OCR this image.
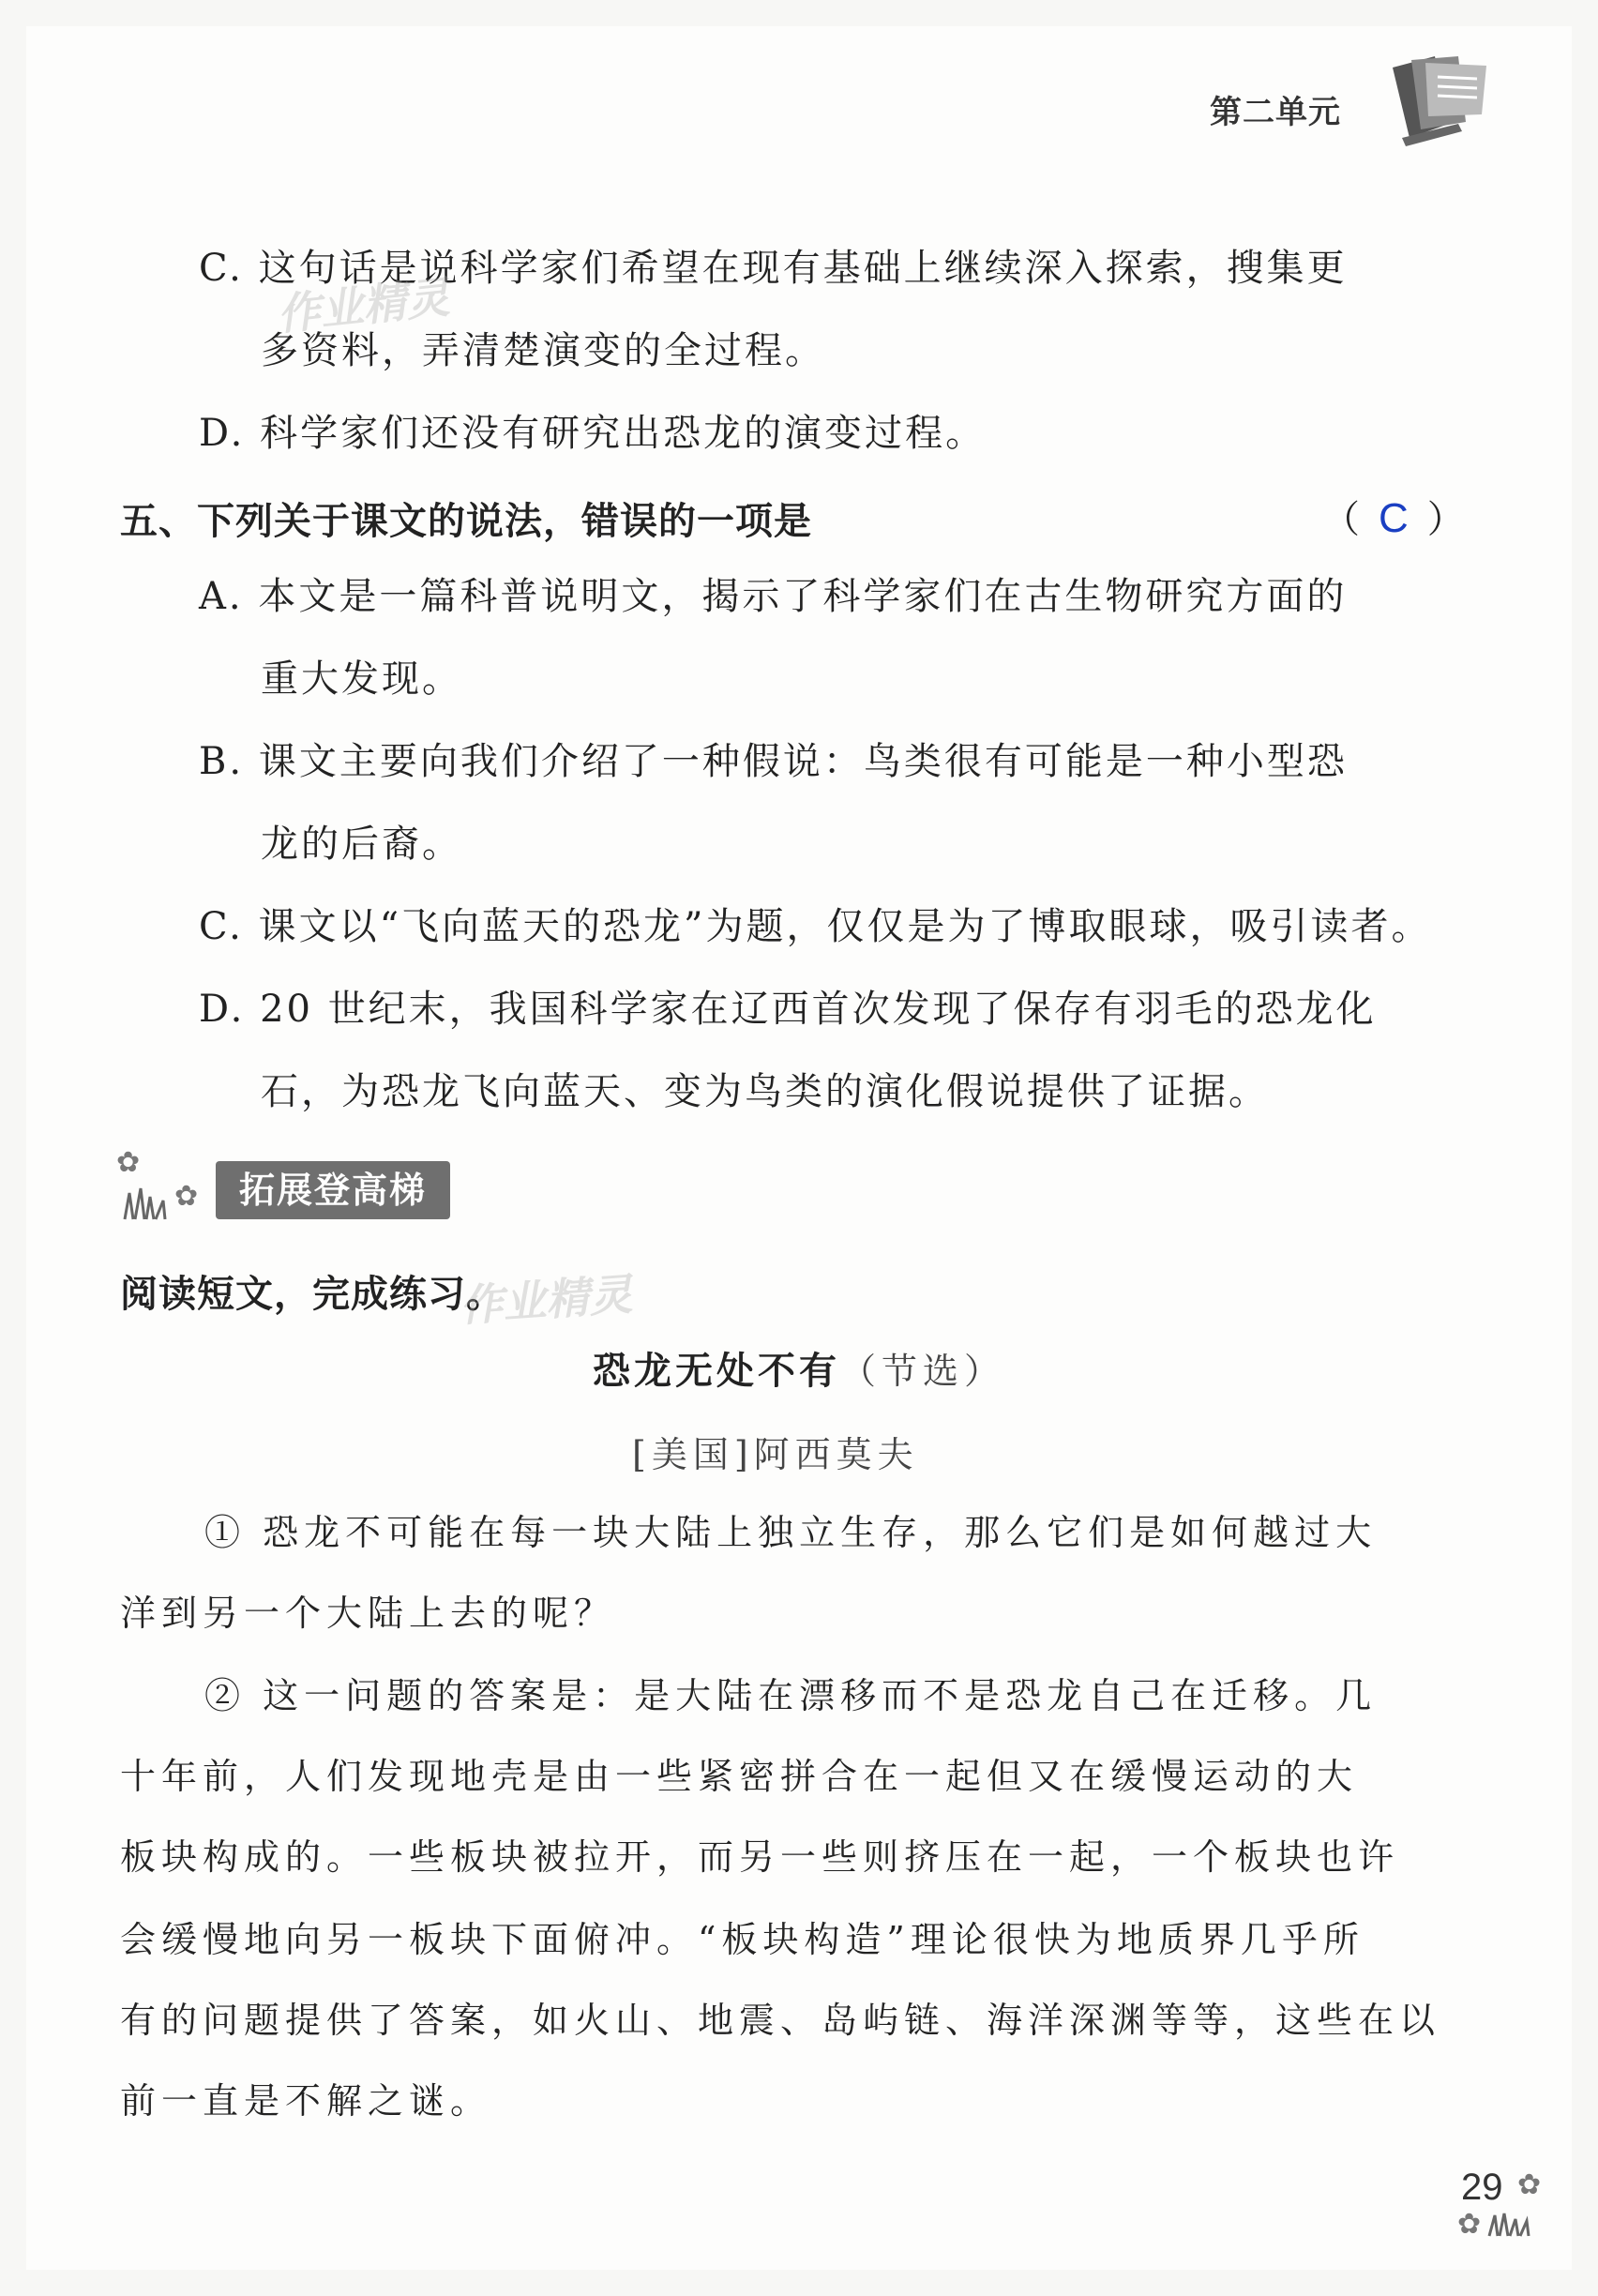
第二单元
C. 这句话是说科学家们希望在现有基础上继续深入探索，搜集更
多资料，弄清楚演变的全过程。
D. 科学家们还没有研究出恐龙的演变过程。
作业精灵
五、下列关于课文的说法，错误的一项是	（ C ）
A. 本文是一篇科普说明文，揭示了科学家们在古生物研究方面的
重大发现。
B. 课文主要向我们介绍了一种假说：鸟类很有可能是一种小型恐
龙的后裔。
C. 课文以“飞向蓝天的恐龙”为题，仅仅是为了博取眼球，吸引读者。
D. 20 世纪末，我国科学家在辽西首次发现了保存有羽毛的恐龙化
石，为恐龙飞向蓝天、变为鸟类的演化假说提供了证据。
✿
✿	拓展登高梯
阅读短文，完成练习。
作业精灵
恐龙无处不有（节选）
[美国]阿西莫夫
① 恐龙不可能在每一块大陆上独立生存，那么它们是如何越过大
洋到另一个大陆上去的呢？
② 这一问题的答案是：是大陆在漂移而不是恐龙自己在迁移。几
十年前，人们发现地壳是由一些紧密拼合在一起但又在缓慢运动的大
板块构成的。一些板块被拉开，而另一些则挤压在一起，一个板块也许
会缓慢地向另一板块下面俯冲。“板块构造”理论很快为地质界几乎所
有的问题提供了答案，如火山、地震、岛屿链、海洋深渊等等，这些在以
前一直是不解之谜。
29 ✿
✿
